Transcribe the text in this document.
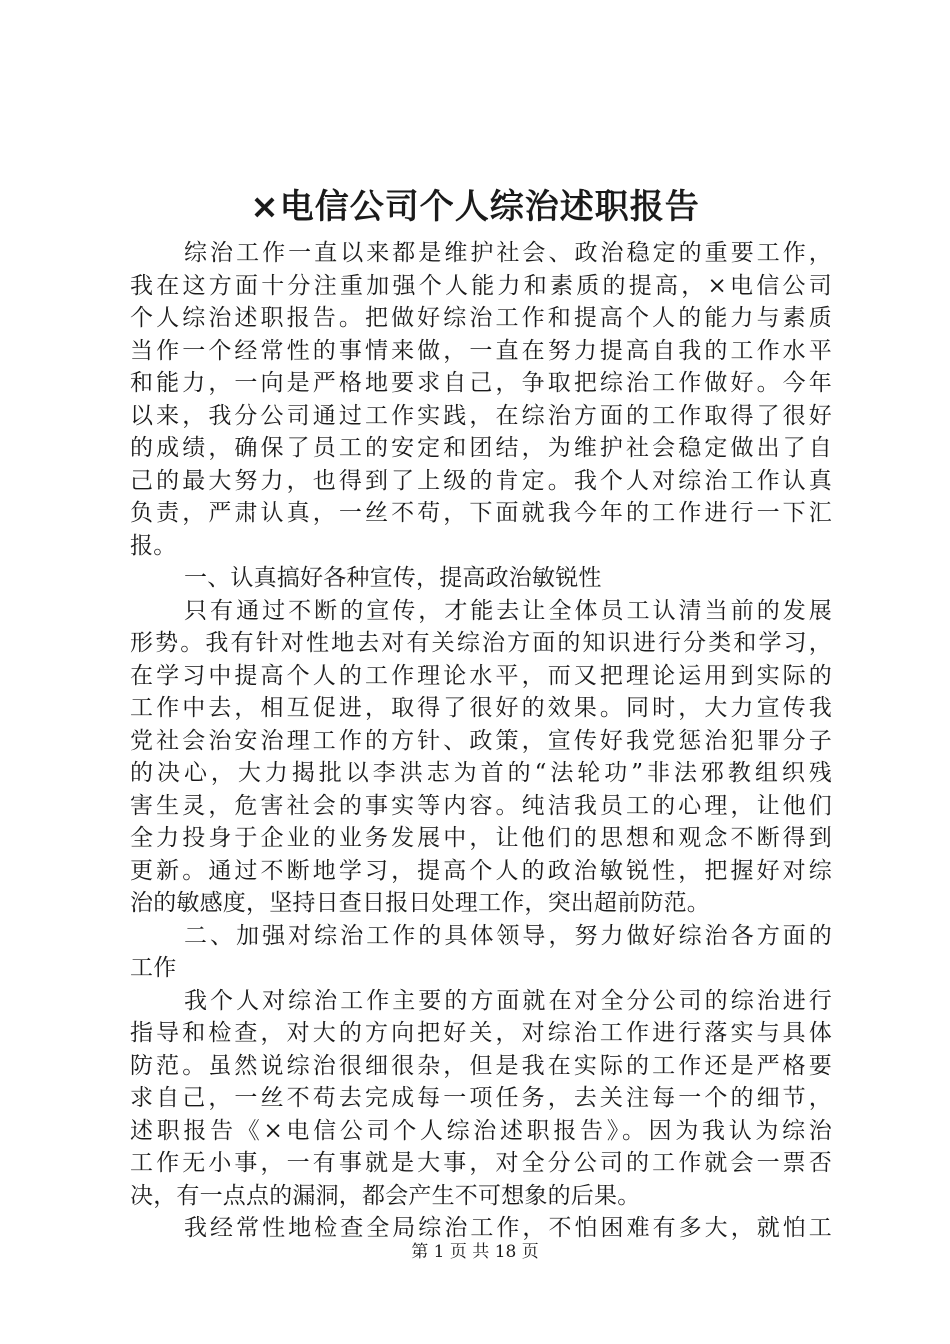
×电信公司个人综治述职报告
综治工作一直以来都是维护社会、政治稳定的重要工作，
我在这方面十分注重加强个人能力和素质的提高，×电信公司
个人综治述职报告。把做好综治工作和提高个人的能力与素质
当作一个经常性的事情来做，一直在努力提高自我的工作水平
和能力，一向是严格地要求自己，争取把综治工作做好。今年
以来，我分公司通过工作实践，在综治方面的工作取得了很好
的成绩，确保了员工的安定和团结，为维护社会稳定做出了自
己的最大努力，也得到了上级的肯定。我个人对综治工作认真
负责，严肃认真，一丝不苟，下面就我今年的工作进行一下汇
报。
一、认真搞好各种宣传，提高政治敏锐性
只有通过不断的宣传，才能去让全体员工认清当前的发展
形势。我有针对性地去对有关综治方面的知识进行分类和学习，
在学习中提高个人的工作理论水平，而又把理论运用到实际的
工作中去，相互促进，取得了很好的效果。同时，大力宣传我
党社会治安治理工作的方针、政策，宣传好我党惩治犯罪分子
的决心，大力揭批以李洪志为首的“法轮功”非法邪教组织残
害生灵，危害社会的事实等内容。纯洁我员工的心理，让他们
全力投身于企业的业务发展中，让他们的思想和观念不断得到
更新。通过不断地学习，提高个人的政治敏锐性，把握好对综
治的敏感度，坚持日查日报日处理工作，突出超前防范。
二、加强对综治工作的具体领导，努力做好综治各方面的
工作
我个人对综治工作主要的方面就在对全分公司的综治进行
指导和检查，对大的方向把好关，对综治工作进行落实与具体
防范。虽然说综治很细很杂，但是我在实际的工作还是严格要
求自己，一丝不苟去完成每一项任务，去关注每一个的细节，
述职报告《×电信公司个人综治述职报告》。因为我认为综治
工作无小事，一有事就是大事，对全分公司的工作就会一票否
决，有一点点的漏洞，都会产生不可想象的后果。
我经常性地检查全局综治工作，不怕困难有多大，就怕工
第 1 页 共 18 页
